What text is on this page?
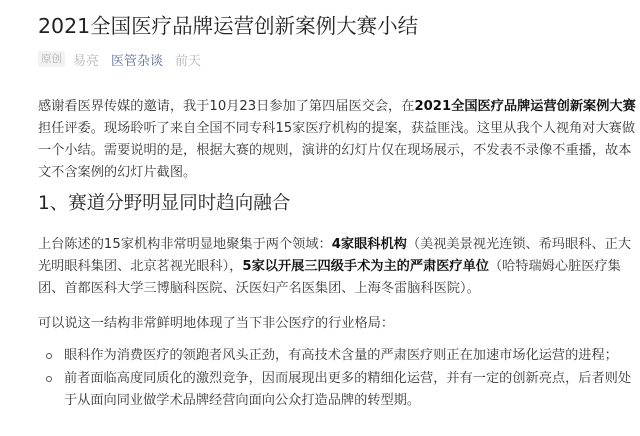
2021全国医疗品牌运营创新案例大赛小结
原创 易亮 医管杂谈 前天

感谢看医界传媒的邀请，我于10月23日参加了第四届医交会，在2021全国医疗品牌运营创新案例大赛担任评委。现场聆听了来自全国不同专科15家医疗机构的提案，获益匪浅。这里从我个人视角对大赛做一个小结。需要说明的是，根据大赛的规则，演讲的幻灯片仅在现场展示，不发表不录像不重播，故本文不含案例的幻灯片截图。

1、赛道分野明显同时趋向融合

上台陈述的15家机构非常明显地聚集于两个领域：4家眼科机构（美视美景视光连锁、希玛眼科、正大光明眼科集团、北京茗视光眼科），5家以开展三四级手术为主的严肃医疗单位（哈特瑞姆心脏医疗集团、首都医科大学三博脑科医院、沃医妇产名医集团、上海冬雷脑科医院）。

可以说这一结构非常鲜明地体现了当下非公医疗的行业格局：

眼科作为消费医疗的领跑者风头正劲，有高技术含量的严肃医疗则正在加速市场化运营的进程；
前者面临高度同质化的激烈竞争，因而展现出更多的精细化运营，并有一定的创新亮点，后者则处于从面向同业做学术品牌经营向面向公众打造品牌的转型期。
